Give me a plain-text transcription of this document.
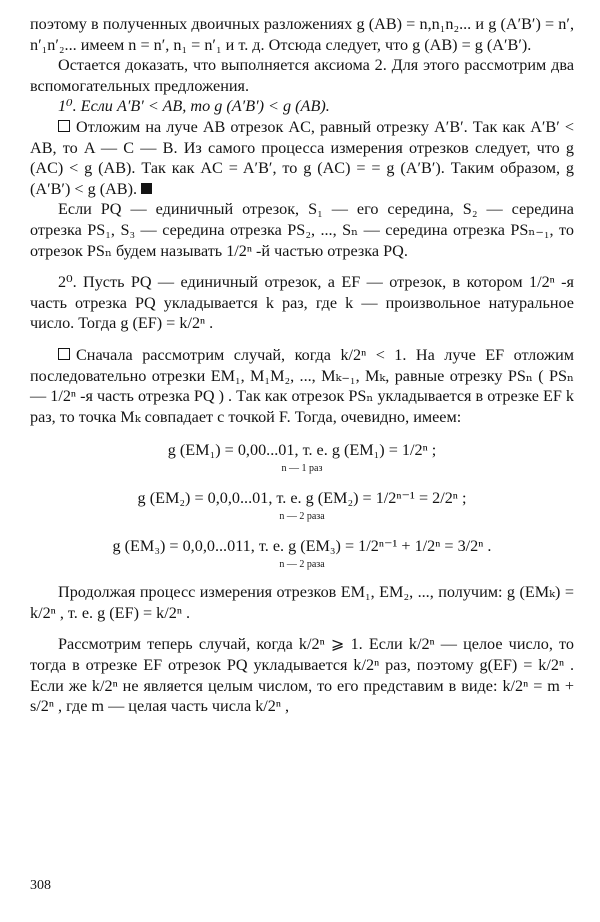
поэтому в полученных двоичных разложениях g (AB) = n,n₁n₂... и g (A′B′) = n′, n′₁n′₂... имеем n = n′, n₁ = n′₁ и т. д. Отсюда следует, что g (AB) = g (A′B′).

Остается доказать, что выполняется аксиома 2. Для этого рассмотрим два вспомогательных предложения.

1⁰. Если A′B′ < AB, то g (A′B′) < g (AB).

Отложим на луче AB отрезок AC, равный отрезку A′B′. Так как A′B′ < AB, то A — C — B. Из самого процесса измерения отрезков следует, что g (AC) < g (AB). Так как AC = A′B′, то g (AC) = = g (A′B′). Таким образом, g (A′B′) < g (AB).

Если PQ — единичный отрезок, S₁ — его середина, S₂ — середина отрезка PS₁, S₃ — середина отрезка PS₂, ..., Sₙ — середина отрезка PSₙ₋₁, то отрезок PSₙ будем называть 1/2ⁿ -й частью отрезка PQ.

2⁰. Пусть PQ — единичный отрезок, а EF — отрезок, в котором 1/2ⁿ -я часть отрезка PQ укладывается k раз, где k — произвольное натуральное число. Тогда g (EF) = k/2ⁿ .

Сначала рассмотрим случай, когда k/2ⁿ < 1. На луче EF отложим последовательно отрезки EM₁, M₁M₂, ..., Mₖ₋₁, Mₖ, равные отрезку PSₙ ( PSₙ — 1/2ⁿ -я часть отрезка PQ ) . Так как отрезок PSₙ укладывается в отрезке EF k раз, то точка Mₖ совпадает с точкой F. Тогда, очевидно, имеем:

g (EM₁) = 0,00...01, т. е. g (EM₁) = 1/2ⁿ ;
n — 1 раз
g (EM₂) = 0,0,0...01, т. е. g (EM₂) = 1/2ⁿ⁻¹ = 2/2ⁿ ;
n — 2 раза
g (EM₃) = 0,0,0...011, т. е. g (EM₃) = 1/2ⁿ⁻¹ + 1/2ⁿ = 3/2ⁿ .
n — 2 раза

Продолжая процесс измерения отрезков EM₁, EM₂, ..., получим: g (EMₖ) = k/2ⁿ , т. е. g (EF) = k/2ⁿ .

Рассмотрим теперь случай, когда k/2ⁿ ⩾ 1. Если k/2ⁿ — целое число, то тогда в отрезке EF отрезок PQ укладывается k/2ⁿ раз, поэтому g(EF) = k/2ⁿ . Если же k/2ⁿ не является целым числом, то его представим в виде: k/2ⁿ = m + s/2ⁿ , где m — целая часть числа k/2ⁿ ,

308
